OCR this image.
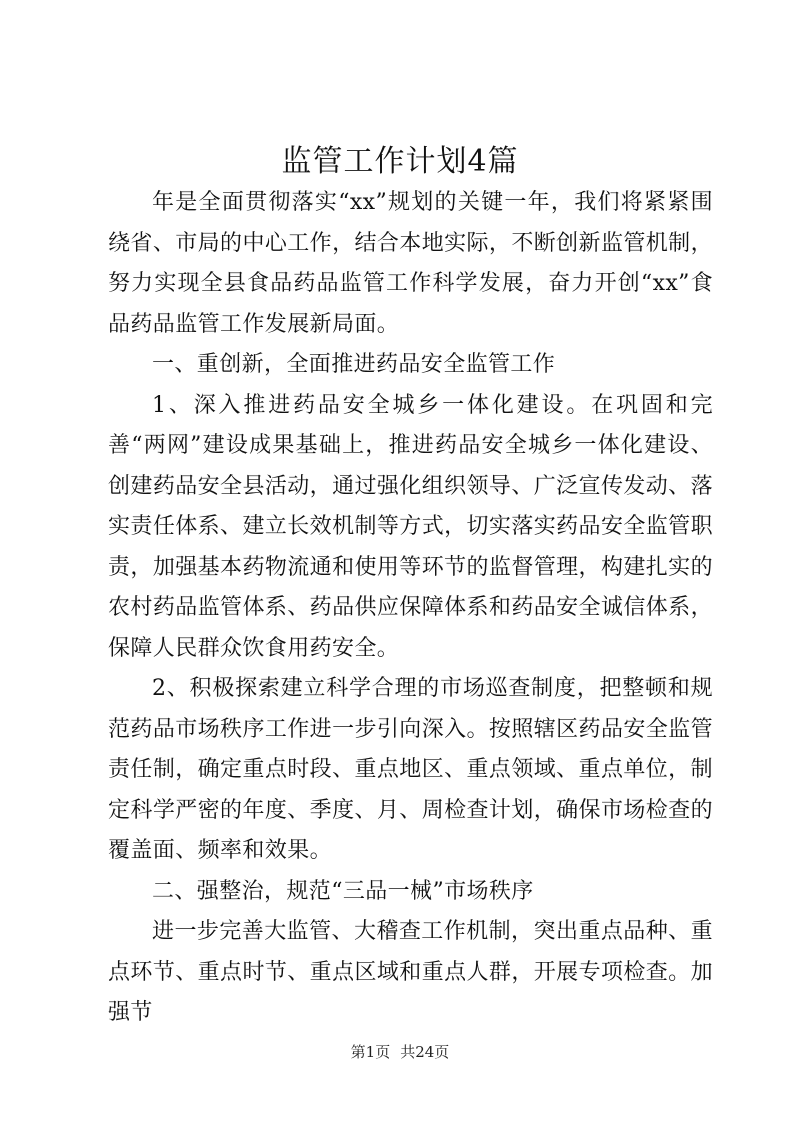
监管工作计划4篇

年是全面贯彻落实“xx”规划的关键一年，我们将紧紧围绕省、市局的中心工作，结合本地实际，不断创新监管机制，努力实现全县食品药品监管工作科学发展，奋力开创“xx”食品药品监管工作发展新局面。

一、重创新，全面推进药品安全监管工作

1、深入推进药品安全城乡一体化建设。在巩固和完善“两网”建设成果基础上，推进药品安全城乡一体化建设、创建药品安全县活动，通过强化组织领导、广泛宣传发动、落实责任体系、建立长效机制等方式，切实落实药品安全监管职责，加强基本药物流通和使用等环节的监督管理，构建扎实的农村药品监管体系、药品供应保障体系和药品安全诚信体系，保障人民群众饮食用药安全。

2、积极探索建立科学合理的市场巡查制度，把整顿和规范药品市场秩序工作进一步引向深入。按照辖区药品安全监管责任制，确定重点时段、重点地区、重点领域、重点单位，制定科学严密的年度、季度、月、周检查计划，确保市场检查的覆盖面、频率和效果。

二、强整治，规范“三品一械”市场秩序

进一步完善大监管、大稽查工作机制，突出重点品种、重点环节、重点时节、重点区域和重点人群，开展专项检查。加强节

第1页 共24页
